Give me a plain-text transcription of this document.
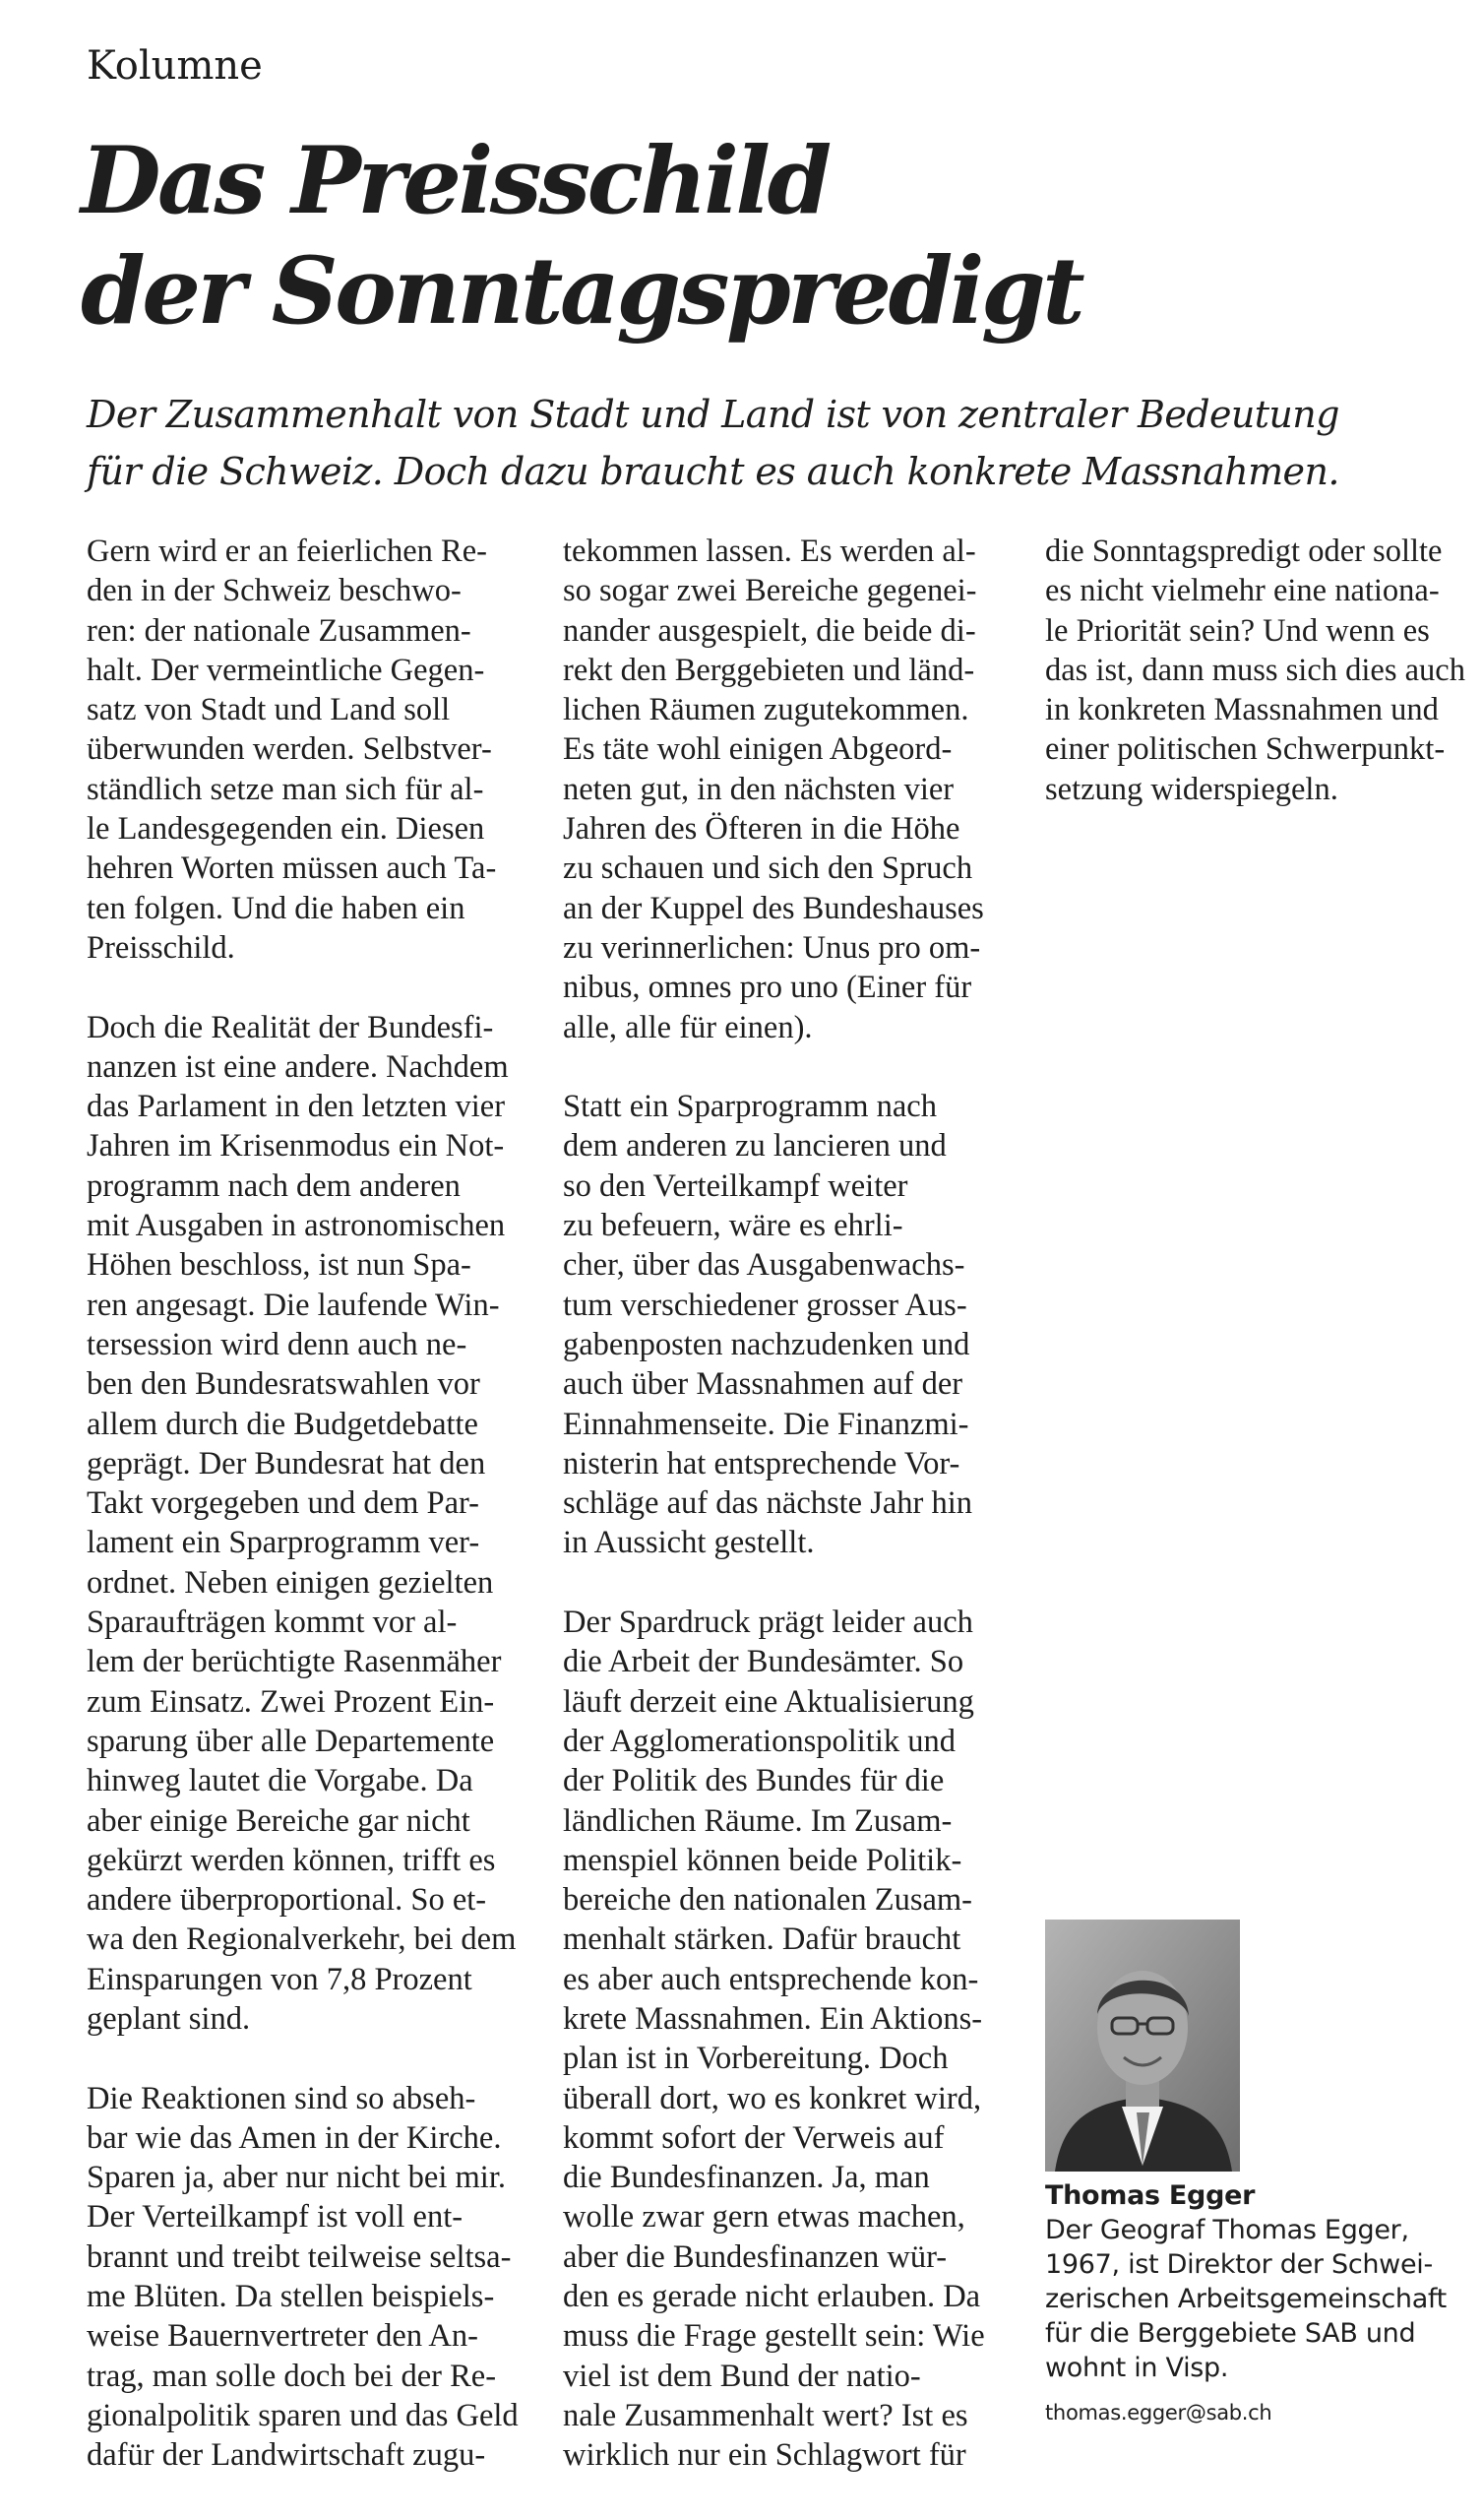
Kolumne
Das Preisschild
der Sonntagspredigt
Der Zusammenhalt von Stadt und Land ist von zentraler Bedeutung
für die Schweiz. Doch dazu braucht es auch konkrete Massnahmen.
Gern wird er an feierlichen Re-
den in der Schweiz beschwo-
ren: der nationale Zusammen-
halt. Der vermeintliche Gegen-
satz von Stadt und Land soll
überwunden werden. Selbstver-
ständlich setze man sich für al-
le Landesgegenden ein. Diesen
hehren Worten müssen auch Ta-
ten folgen. Und die haben ein
Preisschild.
Doch die Realität der Bundesfi-
nanzen ist eine andere. Nachdem
das Parlament in den letzten vier
Jahren im Krisenmodus ein Not-
programm nach dem anderen
mit Ausgaben in astronomischen
Höhen beschloss, ist nun Spa-
ren angesagt. Die laufende Win-
tersession wird denn auch ne-
ben den Bundesratswahlen vor
allem durch die Budgetdebatte
geprägt. Der Bundesrat hat den
Takt vorgegeben und dem Par-
lament ein Sparprogramm ver-
ordnet. Neben einigen gezielten
Sparaufträgen kommt vor al-
lem der berüchtigte Rasenmäher
zum Einsatz. Zwei Prozent Ein-
sparung über alle Departemente
hinweg lautet die Vorgabe. Da
aber einige Bereiche gar nicht
gekürzt werden können, trifft es
andere überproportional. So et-
wa den Regionalverkehr, bei dem
Einsparungen von 7,8 Prozent
geplant sind.
Die Reaktionen sind so abseh-
bar wie das Amen in der Kirche.
Sparen ja, aber nur nicht bei mir.
Der Verteilkampf ist voll ent-
brannt und treibt teilweise seltsa-
me Blüten. Da stellen beispiels-
weise Bauernvertreter den An-
trag, man solle doch bei der Re-
gionalpolitik sparen und das Geld
dafür der Landwirtschaft zugu-
tekommen lassen. Es werden al-
so sogar zwei Bereiche gegenei-
nander ausgespielt, die beide di-
rekt den Berggebieten und länd-
lichen Räumen zugutekommen.
Es täte wohl einigen Abgeord-
neten gut, in den nächsten vier
Jahren des Öfteren in die Höhe
zu schauen und sich den Spruch
an der Kuppel des Bundeshauses
zu verinnerlichen: Unus pro om-
nibus, omnes pro uno (Einer für
alle, alle für einen).
Statt ein Sparprogramm nach
dem anderen zu lancieren und
so den Verteilkampf weiter
zu befeuern, wäre es ehrli-
cher, über das Ausgabenwachs-
tum verschiedener grosser Aus-
gabenposten nachzudenken und
auch über Massnahmen auf der
Einnahmenseite. Die Finanzmi-
nisterin hat entsprechende Vor-
schläge auf das nächste Jahr hin
in Aussicht gestellt.
Der Spardruck prägt leider auch
die Arbeit der Bundesämter. So
läuft derzeit eine Aktualisierung
der Agglomerationspolitik und
der Politik des Bundes für die
ländlichen Räume. Im Zusam-
menspiel können beide Politik-
bereiche den nationalen Zusam-
menhalt stärken. Dafür braucht
es aber auch entsprechende kon-
krete Massnahmen. Ein Aktions-
plan ist in Vorbereitung. Doch
überall dort, wo es konkret wird,
kommt sofort der Verweis auf
die Bundesfinanzen. Ja, man
wolle zwar gern etwas machen,
aber die Bundesfinanzen wür-
den es gerade nicht erlauben. Da
muss die Frage gestellt sein: Wie
viel ist dem Bund der natio-
nale Zusammenhalt wert? Ist es
wirklich nur ein Schlagwort für
die Sonntagspredigt oder sollte
es nicht vielmehr eine nationa-
le Priorität sein? Und wenn es
das ist, dann muss sich dies auch
in konkreten Massnahmen und
einer politischen Schwerpunkt-
setzung widerspiegeln.
Thomas Egger
Der Geograf Thomas Egger,
1967, ist Direktor der Schwei-
zerischen Arbeitsgemeinschaft
für die Berggebiete SAB und
wohnt in Visp.
thomas.egger@sab.ch
